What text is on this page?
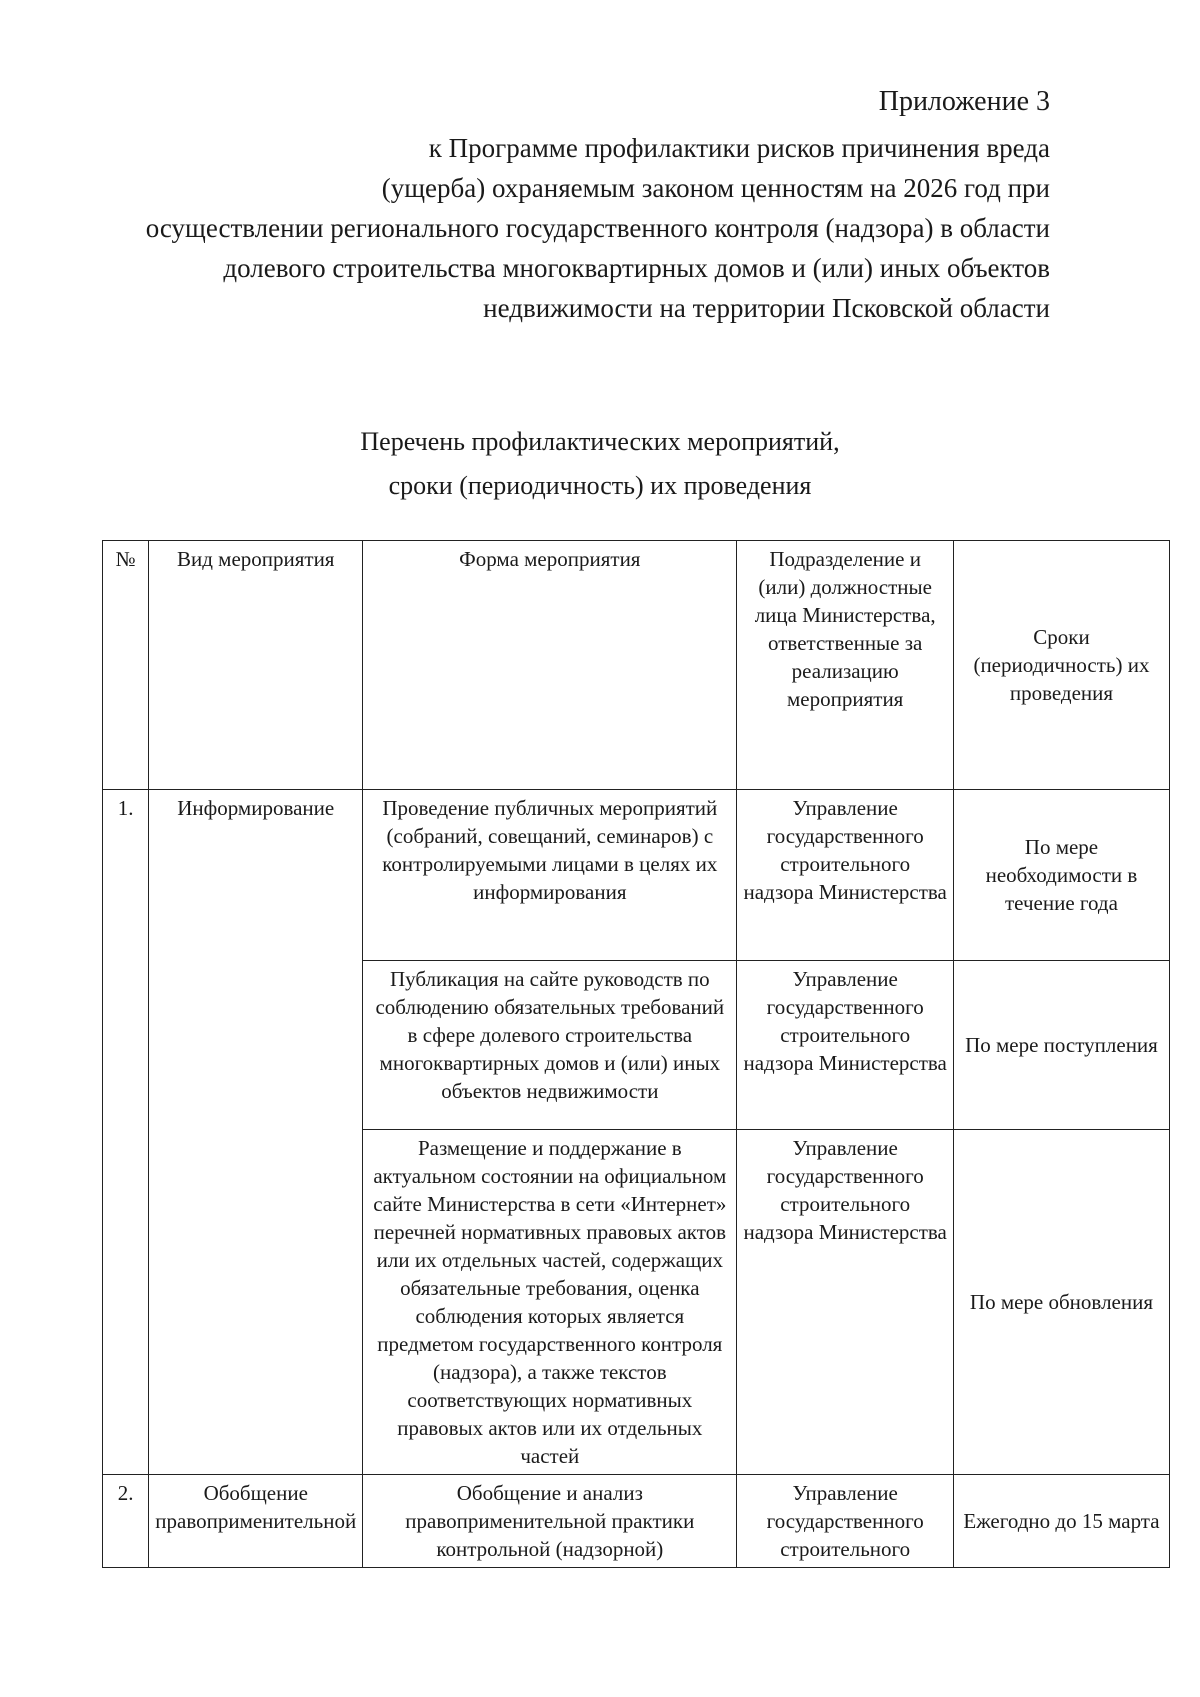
Приложение 3
к Программе профилактики рисков причинения вреда
(ущерба) охраняемым законом ценностям на 2026 год при
осуществлении регионального государственного контроля (надзора) в области
долевого строительства многоквартирных домов и (или) иных объектов
недвижимости на территории Псковской области
Перечень профилактических мероприятий,
сроки (периодичность) их проведения
№	Вид мероприятия	Форма мероприятия	Подразделение и (или) должностные лица Министерства, ответственные за реализацию мероприятия	Сроки (периодичность) их проведения
1.	Информирование	Проведение публичных мероприятий (собраний, совещаний, семинаров) с контролируемыми лицами в целях их информирования	Управление государственного строительного надзора Министерства	По мере необходимости в течение года
		Публикация на сайте руководств по соблюдению обязательных требований в сфере долевого строительства многоквартирных домов и (или) иных объектов недвижимости	Управление государственного строительного надзора Министерства	По мере поступления
		Размещение и поддержание в актуальном состоянии на официальном сайте Министерства в сети «Интернет» перечней нормативных правовых актов или их отдельных частей, содержащих обязательные требования, оценка соблюдения которых является предметом государственного контроля (надзора), а также текстов соответствующих нормативных правовых актов или их отдельных частей	Управление государственного строительного надзора Министерства	По мере обновления
2.	Обобщение правоприменительной	Обобщение и анализ правоприменительной практики контрольной (надзорной)	Управление государственного строительного	Ежегодно до 15 марта
